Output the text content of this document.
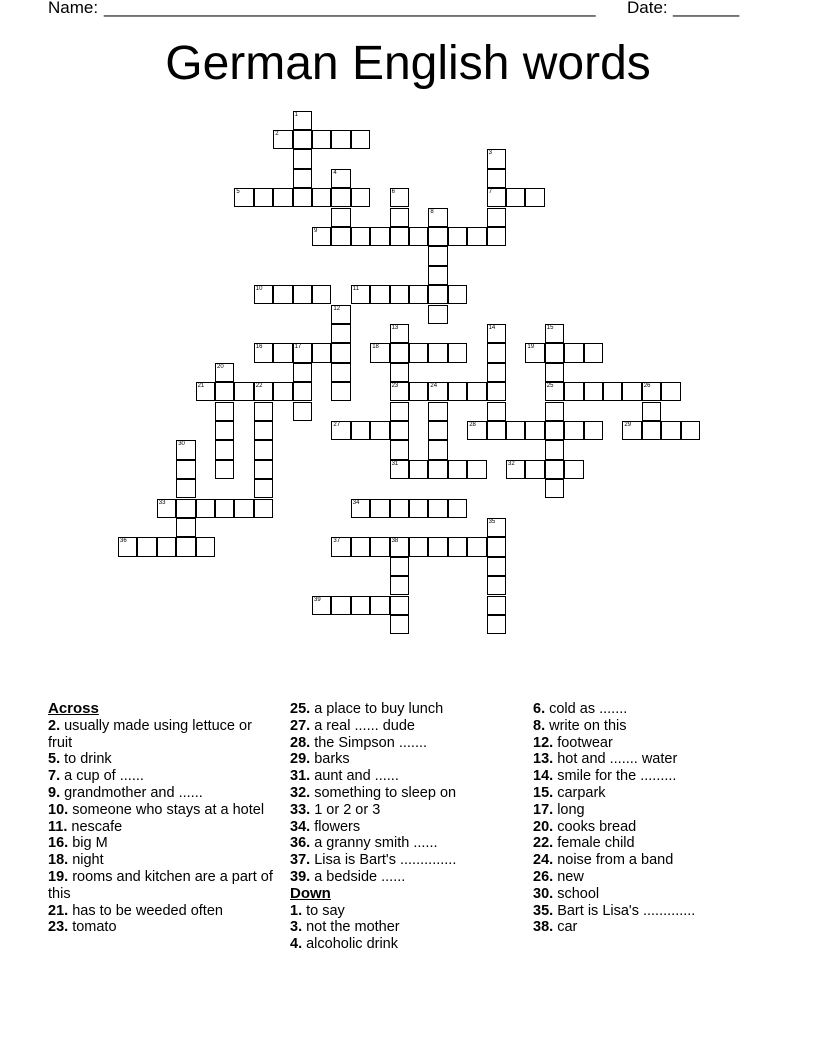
Name: ____________________________________________________ Date: _______
German English words
1
2
3
7
4
5	6
8
9
10	11
12
13
23
31
14	15
25
16	17	18	19
20
21	22	24	26
27	28	29
30
32
33	34
35
36	37	38
39
Across
2. usually made using lettuce or fruit
5. to drink
7. a cup of ......
9. grandmother and ......
10. someone who stays at a hotel
11. nescafe
16. big M
18. night
19. rooms and kitchen are a part of this
21. has to be weeded often
23. tomato
25. a place to buy lunch
27. a real ...... dude
28. the Simpson .......
29. barks
31. aunt and ......
32. something to sleep on
33. 1 or 2 or 3
34. flowers
36. a granny smith ......
37. Lisa is Bart's ..............
39. a bedside ......
Down
1. to say
3. not the mother
4. alcoholic drink
6. cold as .......
8. write on this
12. footwear
13. hot and ....... water
14. smile for the .........
15. carpark
17. long
20. cooks bread
22. female child
24. noise from a band
26. new
30. school
35. Bart is Lisa's .............
38. car
